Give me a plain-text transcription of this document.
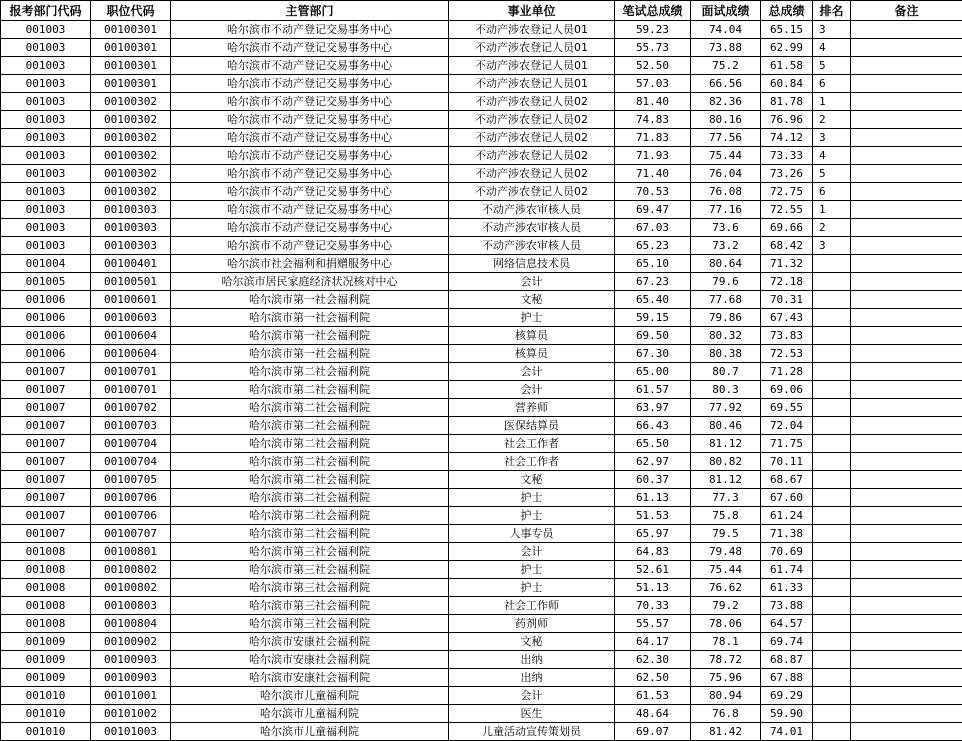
报考部门代码	职位代码	主管部门	事业单位	笔试总成绩	面试成绩	总成绩	排名	备注
001003	00100301	哈尔滨市不动产登记交易事务中心	不动产涉农登记人员01	59.23	74.04	65.15	3	
001003	00100301	哈尔滨市不动产登记交易事务中心	不动产涉农登记人员01	55.73	73.88	62.99	4	
001003	00100301	哈尔滨市不动产登记交易事务中心	不动产涉农登记人员01	52.50	75.2	61.58	5	
001003	00100301	哈尔滨市不动产登记交易事务中心	不动产涉农登记人员01	57.03	66.56	60.84	6	
001003	00100302	哈尔滨市不动产登记交易事务中心	不动产涉农登记人员02	81.40	82.36	81.78	1	
001003	00100302	哈尔滨市不动产登记交易事务中心	不动产涉农登记人员02	74.83	80.16	76.96	2	
001003	00100302	哈尔滨市不动产登记交易事务中心	不动产涉农登记人员02	71.83	77.56	74.12	3	
001003	00100302	哈尔滨市不动产登记交易事务中心	不动产涉农登记人员02	71.93	75.44	73.33	4	
001003	00100302	哈尔滨市不动产登记交易事务中心	不动产涉农登记人员02	71.40	76.04	73.26	5	
001003	00100302	哈尔滨市不动产登记交易事务中心	不动产涉农登记人员02	70.53	76.08	72.75	6	
001003	00100303	哈尔滨市不动产登记交易事务中心	不动产涉农审核人员	69.47	77.16	72.55	1	
001003	00100303	哈尔滨市不动产登记交易事务中心	不动产涉农审核人员	67.03	73.6	69.66	2	
001003	00100303	哈尔滨市不动产登记交易事务中心	不动产涉农审核人员	65.23	73.2	68.42	3	
001004	00100401	哈尔滨市社会福利和捐赠服务中心	网络信息技术员	65.10	80.64	71.32		
001005	00100501	哈尔滨市居民家庭经济状况核对中心	会计	67.23	79.6	72.18		
001006	00100601	哈尔滨市第一社会福利院	文秘	65.40	77.68	70.31		
001006	00100603	哈尔滨市第一社会福利院	护士	59.15	79.86	67.43		
001006	00100604	哈尔滨市第一社会福利院	核算员	69.50	80.32	73.83		
001006	00100604	哈尔滨市第一社会福利院	核算员	67.30	80.38	72.53		
001007	00100701	哈尔滨市第二社会福利院	会计	65.00	80.7	71.28		
001007	00100701	哈尔滨市第二社会福利院	会计	61.57	80.3	69.06		
001007	00100702	哈尔滨市第二社会福利院	营养师	63.97	77.92	69.55		
001007	00100703	哈尔滨市第二社会福利院	医保结算员	66.43	80.46	72.04		
001007	00100704	哈尔滨市第二社会福利院	社会工作者	65.50	81.12	71.75		
001007	00100704	哈尔滨市第二社会福利院	社会工作者	62.97	80.82	70.11		
001007	00100705	哈尔滨市第二社会福利院	文秘	60.37	81.12	68.67		
001007	00100706	哈尔滨市第二社会福利院	护士	61.13	77.3	67.60		
001007	00100706	哈尔滨市第二社会福利院	护士	51.53	75.8	61.24		
001007	00100707	哈尔滨市第二社会福利院	人事专员	65.97	79.5	71.38		
001008	00100801	哈尔滨市第三社会福利院	会计	64.83	79.48	70.69		
001008	00100802	哈尔滨市第三社会福利院	护士	52.61	75.44	61.74		
001008	00100802	哈尔滨市第三社会福利院	护士	51.13	76.62	61.33		
001008	00100803	哈尔滨市第三社会福利院	社会工作师	70.33	79.2	73.88		
001008	00100804	哈尔滨市第三社会福利院	药剂师	55.57	78.06	64.57		
001009	00100902	哈尔滨市安康社会福利院	文秘	64.17	78.1	69.74		
001009	00100903	哈尔滨市安康社会福利院	出纳	62.30	78.72	68.87		
001009	00100903	哈尔滨市安康社会福利院	出纳	62.50	75.96	67.88		
001010	00101001	哈尔滨市儿童福利院	会计	61.53	80.94	69.29		
001010	00101002	哈尔滨市儿童福利院	医生	48.64	76.8	59.90		
001010	00101003	哈尔滨市儿童福利院	儿童活动宣传策划员	69.07	81.42	74.01		
